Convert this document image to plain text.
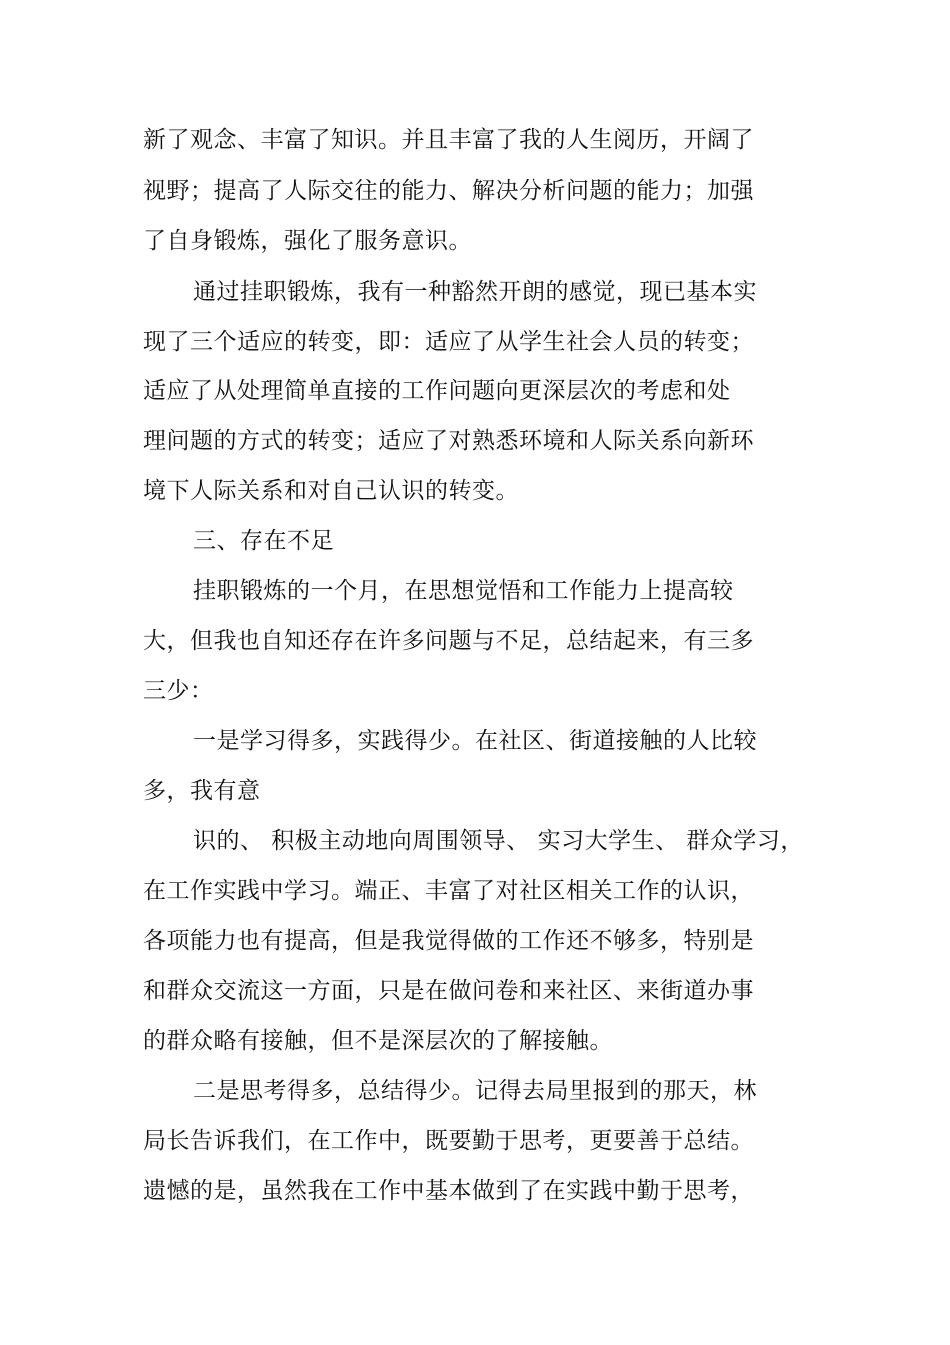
新了观念、丰富了知识。并且丰富了我的人生阅历，开阔了
视野；提高了人际交往的能力、解决分析问题的能力；加强
了自身锻炼，强化了服务意识。
通过挂职锻炼，我有一种豁然开朗的感觉，现已基本实
现了三个适应的转变，即：适应了从学生社会人员的转变；
适应了从处理简单直接的工作问题向更深层次的考虑和处
理问题的方式的转变；适应了对熟悉环境和人际关系向新环
境下人际关系和对自己认识的转变。
三、存在不足
挂职锻炼的一个月，在思想觉悟和工作能力上提高较
大，但我也自知还存在许多问题与不足，总结起来，有三多
三少：
一是学习得多，实践得少。在社区、街道接触的人比较
多，我有意
识的、 积极主动地向周围领导、 实习大学生、 群众学习，
在工作实践中学习。端正、丰富了对社区相关工作的认识，
各项能力也有提高，但是我觉得做的工作还不够多，特别是
和群众交流这一方面，只是在做问卷和来社区、来街道办事
的群众略有接触，但不是深层次的了解接触。
二是思考得多，总结得少。记得去局里报到的那天，林
局长告诉我们，在工作中，既要勤于思考，更要善于总结。
遗憾的是，虽然我在工作中基本做到了在实践中勤于思考，
